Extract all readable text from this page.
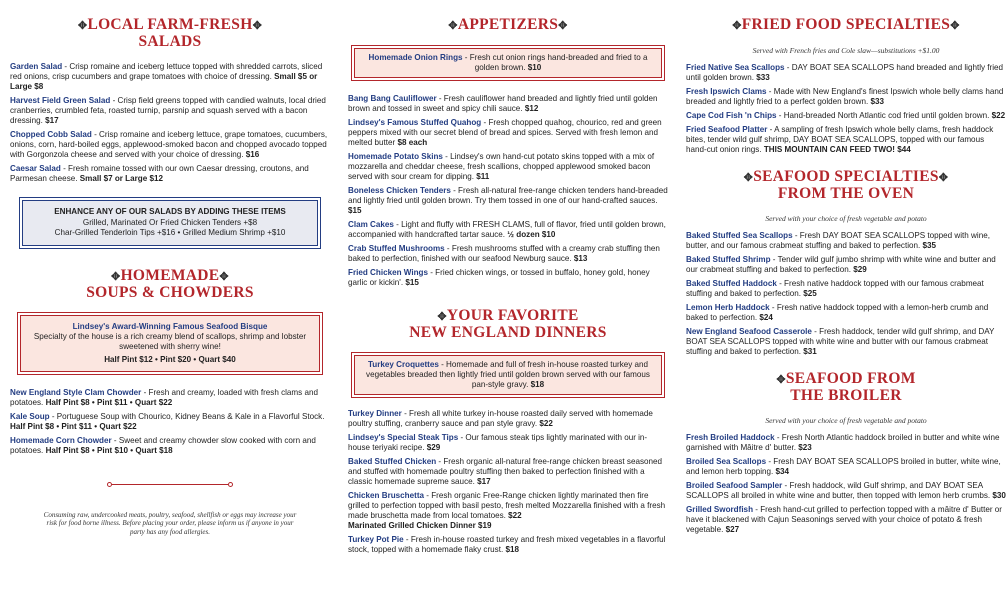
✥LOCAL FARM-FRESH✥
SALADS
Garden Salad - Crisp romaine and iceberg lettuce topped with shredded carrots, sliced red onions, crisp cucumbers and grape tomatoes with choice of dressing. Small $5 or Large $8
Harvest Field Green Salad - Crisp field greens topped with candied walnuts, local dried cranberries, crumbled feta, roasted turnip, parsnip and squash served with a bacon dressing. $17
Chopped Cobb Salad - Crisp romaine and iceberg lettuce, grape tomatoes, cucumbers, onions, corn, hard-boiled eggs, applewood-smoked bacon and chopped avocado topped with Gorgonzola cheese and served with your choice of dressing. $16
Caesar Salad - Fresh romaine tossed with our own Caesar dressing, croutons, and Parmesan cheese. Small $7 or Large $12
ENHANCE ANY OF OUR SALADS BY ADDING THESE ITEMS
Grilled, Marinated Or Fried Chicken Tenders +$8
Char-Grilled Tenderloin Tips +$16 • Grilled Medium Shrimp +$10
✥HOMEMADE✥
SOUPS & CHOWDERS
Lindsey's Award-Winning Famous Seafood Bisque
Specialty of the house is a rich creamy blend of scallops, shrimp and lobster sweetened with sherry wine!
Half Pint $12 • Pint $20 • Quart $40
New England Style Clam Chowder - Fresh and creamy, loaded with fresh clams and potatoes. Half Pint $8 • Pint $11 • Quart $22
Kale Soup - Portuguese Soup with Chourico, Kidney Beans & Kale in a Flavorful Stock. Half Pint $8 • Pint $11 • Quart $22
Homemade Corn Chowder - Sweet and creamy chowder slow cooked with corn and potatoes. Half Pint $8 • Pint $10 • Quart $18
Consuming raw, undercooked meats, poultry, seafood, shellfish or eggs may increase your risk for food borne illness. Before placing your order, please inform us if anyone in your party has any food allergies.
✥APPETIZERS✥
Homemade Onion Rings - Fresh cut onion rings hand-breaded and fried to a golden brown. $10
Bang Bang Cauliflower - Fresh cauliflower hand breaded and lightly fried until golden brown and tossed in sweet and spicy chili sauce. $12
Lindsey's Famous Stuffed Quahog - Fresh chopped quahog, chourico, red and green peppers mixed with our secret blend of bread and spices. Served with fresh lemon and melted butter $8 each
Homemade Potato Skins - Lindsey's own hand-cut potato skins topped with a mix of mozzarella and cheddar cheese, fresh scallions, chopped applewood smoked bacon served with sour cream for dipping. $11
Boneless Chicken Tenders - Fresh all-natural free-range chicken tenders hand-breaded and lightly fried until golden brown. Try them tossed in one of our hand-crafted sauces. $15
Clam Cakes - Light and fluffy with FRESH CLAMS, full of flavor, fried until golden brown, accompanied with handcrafted tartar sauce. ½ dozen $10
Crab Stuffed Mushrooms - Fresh mushrooms stuffed with a creamy crab stuffing then baked to perfection, finished with our seafood Newburg sauce. $13
Fried Chicken Wings - Fried chicken wings, or tossed in buffalo, honey gold, honey garlic or kickin'. $15
✥YOUR FAVORITE
NEW ENGLAND DINNERS
Turkey Croquettes - Homemade and full of fresh in-house roasted turkey and vegetables breaded then lightly fried until golden brown served with our famous pan-style gravy. $18
Turkey Dinner - Fresh all white turkey in-house roasted daily served with homemade poultry stuffing, cranberry sauce and pan style gravy. $22
Lindsey's Special Steak Tips - Our famous steak tips lightly marinated with our in-house teriyaki recipe. $29
Baked Stuffed Chicken - Fresh organic all-natural free-range chicken breast seasoned and stuffed with homemade poultry stuffing then baked to perfection finished with a classic homemade supreme sauce. $17
Chicken Bruschetta - Fresh organic Free-Range chicken lightly marinated then fire grilled to perfection topped with basil pesto, fresh melted Mozzarella finished with a fresh made bruschetta made from local tomatoes. $22
Marinated Grilled Chicken Dinner $19
Turkey Pot Pie - Fresh in-house roasted turkey and fresh mixed vegetables in a flavorful stock, topped with a homemade flaky crust. $18
✥FRIED FOOD SPECIALTIES✥
Served with French fries and Cole slaw—substitutions +$1.00
Fried Native Sea Scallops - DAY BOAT SEA SCALLOPS hand breaded and lightly fried until golden brown. $33
Fresh Ipswich Clams - Made with New England's finest Ipswich whole belly clams hand breaded and lightly fried to a perfect golden brown. $33
Cape Cod Fish 'n Chips - Hand-breaded North Atlantic cod fried until golden brown. $22
Fried Seafood Platter - A sampling of fresh Ipswich whole belly clams, fresh haddock bites, tender wild gulf shrimp, DAY BOAT SEA SCALLOPS, topped with our famous hand-cut onion rings. THIS MOUNTAIN CAN FEED TWO! $44
✥SEAFOOD SPECIALTIES✥
FROM THE OVEN
Served with your choice of fresh vegetable and potato
Baked Stuffed Sea Scallops - Fresh DAY BOAT SEA SCALLOPS topped with wine, butter, and our famous crabmeat stuffing and baked to perfection. $35
Baked Stuffed Shrimp - Tender wild gulf jumbo shrimp with white wine and butter and our crabmeat stuffing and baked to perfection. $29
Baked Stuffed Haddock - Fresh native haddock topped with our famous crabmeat stuffing and baked to perfection. $25
Lemon Herb Haddock - Fresh native haddock topped with a lemon-herb crumb and baked to perfection. $24
New England Seafood Casserole - Fresh haddock, tender wild gulf shrimp, and DAY BOAT SEA SCALLOPS topped with white wine and butter with our famous crabmeat stuffing and baked to perfection. $31
✥SEAFOOD FROM
THE BROILER
Served with your choice of fresh vegetable and potato
Fresh Broiled Haddock - Fresh North Atlantic haddock broiled in butter and white wine garnished with Mâitre d' butter. $23
Broiled Sea Scallops - Fresh DAY BOAT SEA SCALLOPS broiled in butter, white wine, and lemon herb topping. $34
Broiled Seafood Sampler - Fresh haddock, wild Gulf shrimp, and DAY BOAT SEA SCALLOPS all broiled in white wine and butter, then topped with lemon herb crumbs. $30
Grilled Swordfish - Fresh hand-cut grilled to perfection topped with a mâitre d' Butter or have it blackened with Cajun Seasonings served with your choice of potato & fresh vegetable. $27
